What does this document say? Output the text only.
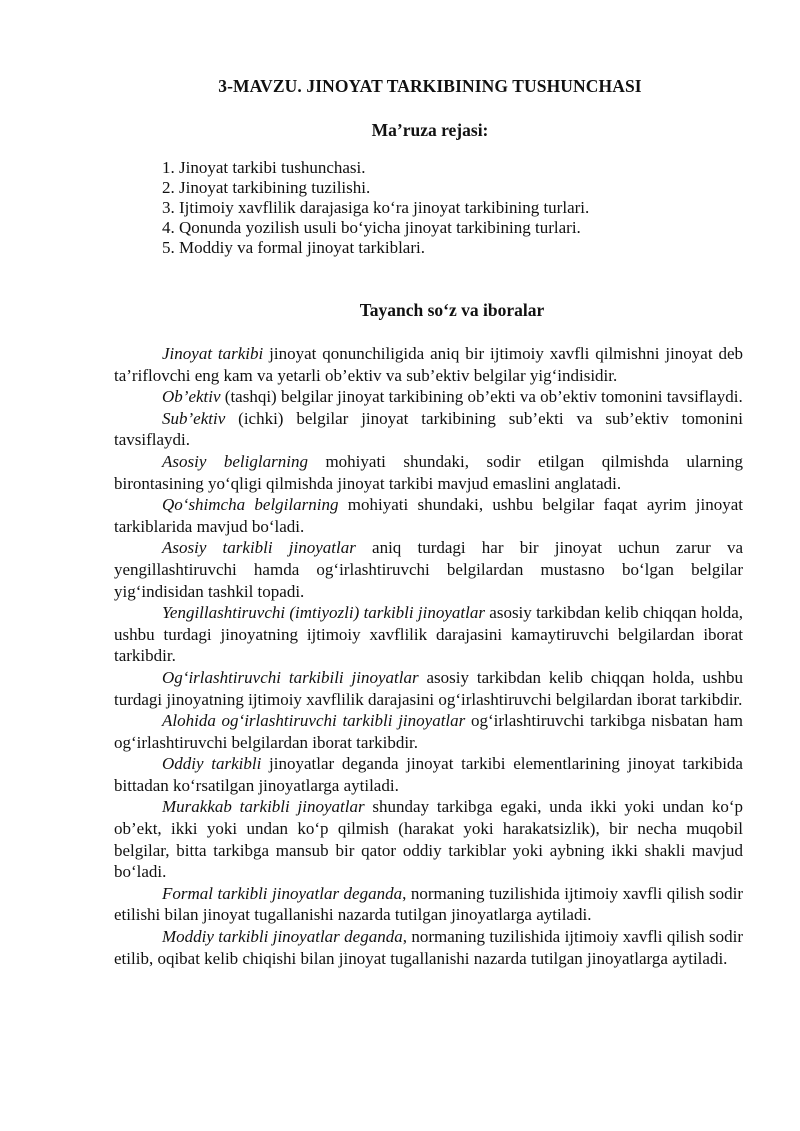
3-MAVZU. JINOYAT TARKIBINING TUSHUNCHASI
Ma’ruza rejasi:
1. Jinoyat tarkibi tushunchasi.
2. Jinoyat tarkibining tuzilishi.
3. Ijtimoiy xavflilik darajasiga ko‘ra jinoyat tarkibining turlari.
4. Qonunda yozilish usuli bo‘yicha jinoyat tarkibining turlari.
5. Moddiy va formal jinoyat tarkiblari.
Tayanch so‘z va iboralar

Jinoyat tarkibi jinoyat qonunchiligida aniq bir ijtimoiy xavfli qilmishni jinoyat deb ta’riflovchi eng kam va yetarli ob’ektiv va sub’ektiv belgilar yig‘indisidir.

Ob’ektiv (tashqi) belgilar jinoyat tarkibining ob’ekti va ob’ektiv tomonini tavsiflaydi.

Sub’ektiv (ichki) belgilar jinoyat tarkibining sub’ekti va sub’ektiv tomonini tavsiflaydi.

Asosiy beliglarning mohiyati shundaki, sodir etilgan qilmishda ularning birontasining yo‘qligi qilmishda jinoyat tarkibi mavjud emaslini anglatadi.

Qo‘shimcha belgilarning mohiyati shundaki, ushbu belgilar faqat ayrim jinoyat tarkiblarida mavjud bo‘ladi.

Asosiy tarkibli jinoyatlar aniq turdagi har bir jinoyat uchun zarur va yengillashtiruvchi hamda og‘irlashtiruvchi belgilardan mustasno bo‘lgan belgilar yig‘indisidan tashkil topadi.

Yengillashtiruvchi (imtiyozli) tarkibli jinoyatlar asosiy tarkibdan kelib chiqqan holda, ushbu turdagi jinoyatning ijtimoiy xavflilik darajasini kamaytiruvchi belgilardan iborat tarkibdir.

Og‘irlashtiruvchi tarkibili jinoyatlar asosiy tarkibdan kelib chiqqan holda, ushbu turdagi jinoyatning ijtimoiy xavflilik darajasini og‘irlashtiruvchi belgilardan iborat tarkibdir.

Alohida og‘irlashtiruvchi tarkibli jinoyatlar og‘irlashtiruvchi tarkibga nisbatan ham og‘irlashtiruvchi belgilardan iborat tarkibdir.

Oddiy tarkibli jinoyatlar deganda jinoyat tarkibi elementlarining jinoyat tarkibida bittadan ko‘rsatilgan jinoyatlarga aytiladi.

Murakkab tarkibli jinoyatlar shunday tarkibga egaki, unda ikki yoki undan ko‘p ob’ekt, ikki yoki undan ko‘p qilmish (harakat yoki harakatsizlik), bir necha muqobil belgilar, bitta tarkibga mansub bir qator oddiy tarkiblar yoki aybning ikki shakli mavjud bo‘ladi.

Formal tarkibli jinoyatlar deganda, normaning tuzilishida ijtimoiy xavfli qilish sodir etilishi bilan jinoyat tugallanishi nazarda tutilgan jinoyatlarga aytiladi.

Moddiy tarkibli jinoyatlar deganda, normaning tuzilishida ijtimoiy xavfli qilish sodir etilib, oqibat kelib chiqishi bilan jinoyat tugallanishi nazarda tutilgan jinoyatlarga aytiladi.
